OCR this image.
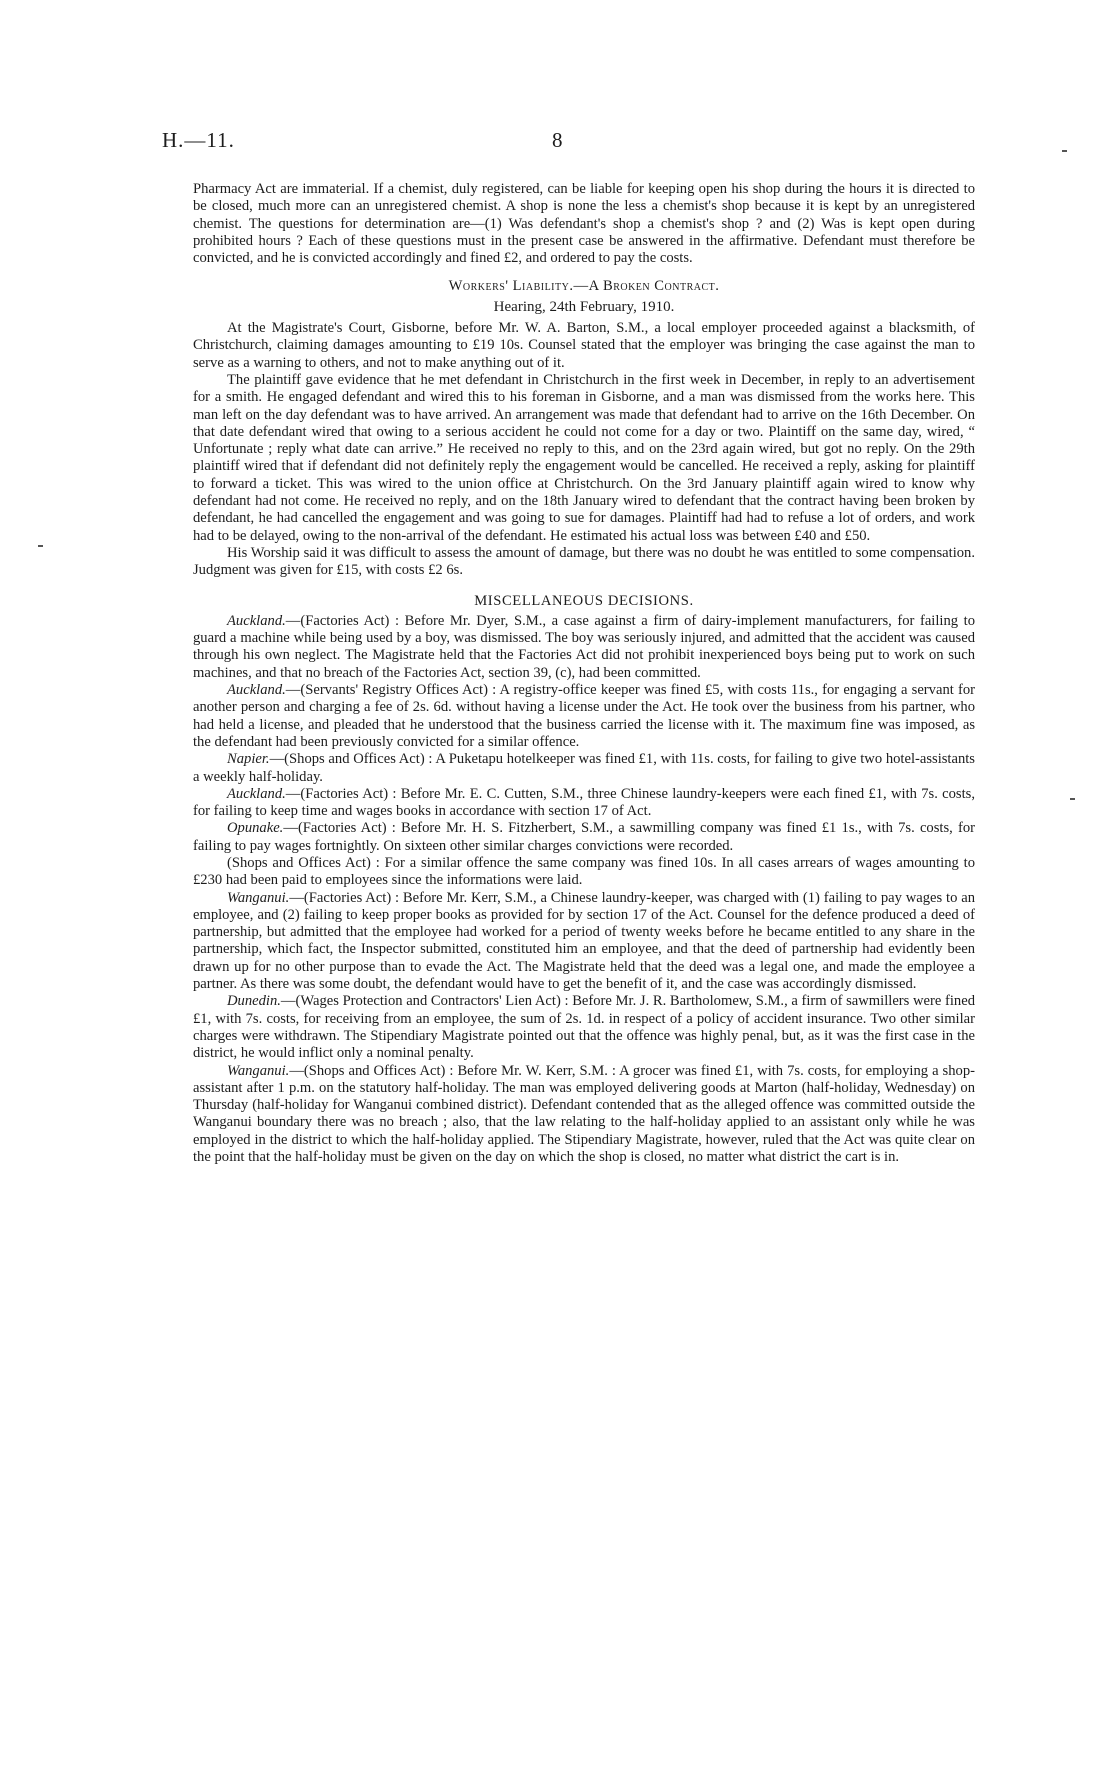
H.—11.	8

Pharmacy Act are immaterial. If a chemist, duly registered, can be liable for keeping open his shop during the hours it is directed to be closed, much more can an unregistered chemist. A shop is none the less a chemist's shop because it is kept by an unregistered chemist. The questions for determination are—(1) Was defendant's shop a chemist's shop ? and (2) Was is kept open during prohibited hours ? Each of these questions must in the present case be answered in the affirmative. Defendant must therefore be convicted, and he is convicted accordingly and fined £2, and ordered to pay the costs.

Workers' Liability.—A Broken Contract.
Hearing, 24th February, 1910.

At the Magistrate's Court, Gisborne, before Mr. W. A. Barton, S.M., a local employer proceeded against a blacksmith, of Christchurch, claiming damages amounting to £19 10s. Counsel stated that the employer was bringing the case against the man to serve as a warning to others, and not to make anything out of it.

The plaintiff gave evidence that he met defendant in Christchurch in the first week in December, in reply to an advertisement for a smith. He engaged defendant and wired this to his foreman in Gisborne, and a man was dismissed from the works here. This man left on the day defendant was to have arrived. An arrangement was made that defendant had to arrive on the 16th December. On that date defendant wired that owing to a serious accident he could not come for a day or two. Plaintiff on the same day, wired, “ Unfortunate ; reply what date can arrive.” He received no reply to this, and on the 23rd again wired, but got no reply. On the 29th plaintiff wired that if defendant did not definitely reply the engagement would be cancelled. He received a reply, asking for plaintiff to forward a ticket. This was wired to the union office at Christchurch. On the 3rd January plaintiff again wired to know why defendant had not come. He received no reply, and on the 18th January wired to defendant that the contract having been broken by defendant, he had cancelled the engagement and was going to sue for damages. Plaintiff had had to refuse a lot of orders, and work had to be delayed, owing to the non-arrival of the defendant. He estimated his actual loss was between £40 and £50.

His Worship said it was difficult to assess the amount of damage, but there was no doubt he was entitled to some compensation. Judgment was given for £15, with costs £2 6s.

MISCELLANEOUS DECISIONS.

Auckland.—(Factories Act) : Before Mr. Dyer, S.M., a case against a firm of dairy-implement manufacturers, for failing to guard a machine while being used by a boy, was dismissed. The boy was seriously injured, and admitted that the accident was caused through his own neglect. The Magistrate held that the Factories Act did not prohibit inexperienced boys being put to work on such machines, and that no breach of the Factories Act, section 39, (c), had been committed.

Auckland.—(Servants' Registry Offices Act) : A registry-office keeper was fined £5, with costs 11s., for engaging a servant for another person and charging a fee of 2s. 6d. without having a license under the Act. He took over the business from his partner, who had held a license, and pleaded that he understood that the business carried the license with it. The maximum fine was imposed, as the defendant had been previously convicted for a similar offence.

Napier.—(Shops and Offices Act) : A Puketapu hotelkeeper was fined £1, with 11s. costs, for failing to give two hotel-assistants a weekly half-holiday.

Auckland.—(Factories Act) : Before Mr. E. C. Cutten, S.M., three Chinese laundry-keepers were each fined £1, with 7s. costs, for failing to keep time and wages books in accordance with section 17 of Act.

Opunake.—(Factories Act) : Before Mr. H. S. Fitzherbert, S.M., a sawmilling company was fined £1 1s., with 7s. costs, for failing to pay wages fortnightly. On sixteen other similar charges convictions were recorded.

(Shops and Offices Act) : For a similar offence the same company was fined 10s. In all cases arrears of wages amounting to £230 had been paid to employees since the informations were laid.

Wanganui.—(Factories Act) : Before Mr. Kerr, S.M., a Chinese laundry-keeper, was charged with (1) failing to pay wages to an employee, and (2) failing to keep proper books as provided for by section 17 of the Act. Counsel for the defence produced a deed of partnership, but admitted that the employee had worked for a period of twenty weeks before he became entitled to any share in the partnership, which fact, the Inspector submitted, constituted him an employee, and that the deed of partnership had evidently been drawn up for no other purpose than to evade the Act. The Magistrate held that the deed was a legal one, and made the employee a partner. As there was some doubt, the defendant would have to get the benefit of it, and the case was accordingly dismissed.

Dunedin.—(Wages Protection and Contractors' Lien Act) : Before Mr. J. R. Bartholomew, S.M., a firm of sawmillers were fined £1, with 7s. costs, for receiving from an employee, the sum of 2s. 1d. in respect of a policy of accident insurance. Two other similar charges were withdrawn. The Stipendiary Magistrate pointed out that the offence was highly penal, but, as it was the first case in the district, he would inflict only a nominal penalty.

Wanganui.—(Shops and Offices Act) : Before Mr. W. Kerr, S.M. : A grocer was fined £1, with 7s. costs, for employing a shop-assistant after 1 p.m. on the statutory half-holiday. The man was employed delivering goods at Marton (half-holiday, Wednesday) on Thursday (half-holiday for Wanganui combined district). Defendant contended that as the alleged offence was committed outside the Wanganui boundary there was no breach ; also, that the law relating to the half-holiday applied to an assistant only while he was employed in the district to which the half-holiday applied. The Stipendiary Magistrate, however, ruled that the Act was quite clear on the point that the half-holiday must be given on the day on which the shop is closed, no matter what district the cart is in.
